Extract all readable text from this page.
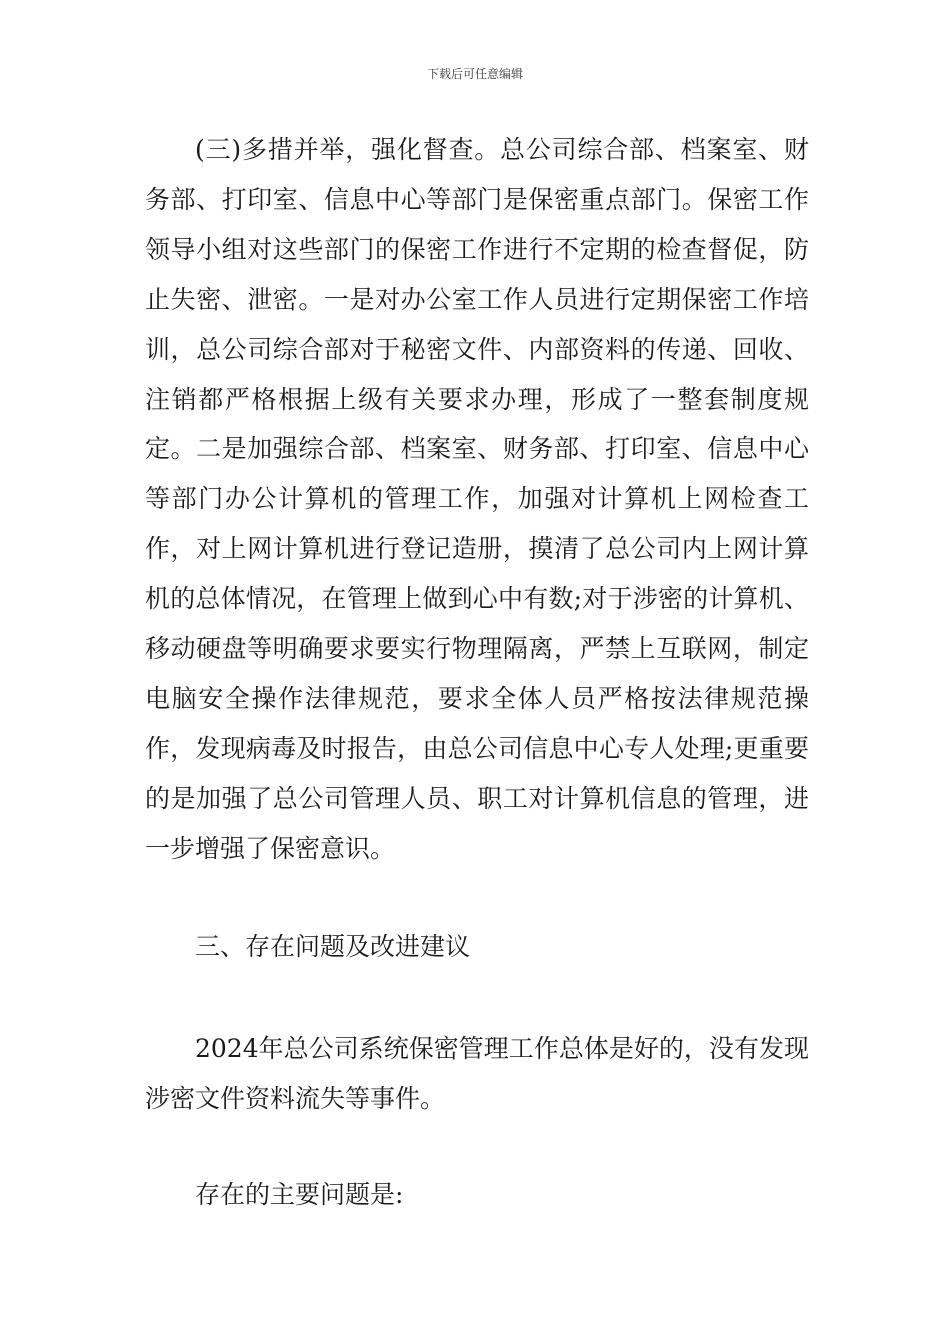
下载后可任意编辑

(三)多措并举，强化督查。总公司综合部、档案室、财务部、打印室、信息中心等部门是保密重点部门。保密工作领导小组对这些部门的保密工作进行不定期的检查督促，防止失密、泄密。一是对办公室工作人员进行定期保密工作培训，总公司综合部对于秘密文件、内部资料的传递、回收、注销都严格根据上级有关要求办理，形成了一整套制度规定。二是加强综合部、档案室、财务部、打印室、信息中心等部门办公计算机的管理工作，加强对计算机上网检查工作，对上网计算机进行登记造册，摸清了总公司内上网计算机的总体情况，在管理上做到心中有数;对于涉密的计算机、移动硬盘等明确要求要实行物理隔离，严禁上互联网，制定电脑安全操作法律规范，要求全体人员严格按法律规范操作，发现病毒及时报告，由总公司信息中心专人处理;更重要的是加强了总公司管理人员、职工对计算机信息的管理，进一步增强了保密意识。

三、存在问题及改进建议

2024年总公司系统保密管理工作总体是好的，没有发现涉密文件资料流失等事件。

存在的主要问题是:
